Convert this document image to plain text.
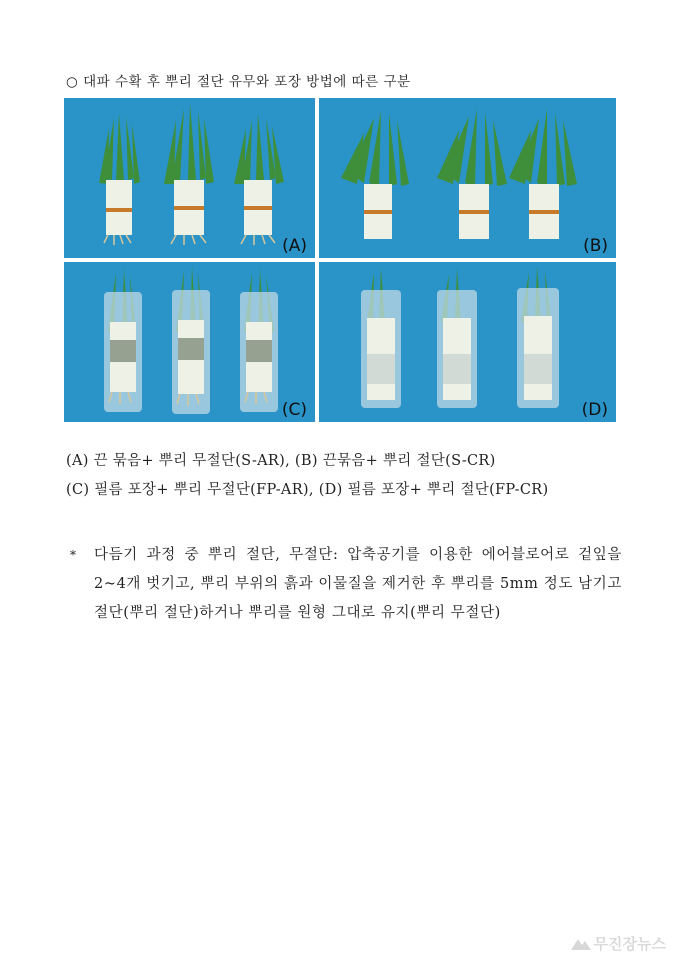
○ 대파 수확 후 뿌리 절단 유무와 포장 방법에 따른 구분
(A)	(B)
(C)	(D)
(A) 끈 묶음+ 뿌리 무절단(S-AR), (B) 끈묶음+ 뿌리 절단(S-CR)
(C) 필름 포장+ 뿌리 무절단(FP-AR), (D) 필름 포장+ 뿌리 절단(FP-CR)
* 다듬기 과정 중 뿌리 절단, 무절단: 압축공기를 이용한 에어블로어로 겉잎을 2~4개 벗기고, 뿌리 부위의 흙과 이물질을 제거한 후 뿌리를 5mm 정도 남기고 절단(뿌리 절단)하거나 뿌리를 원형 그대로 유지(뿌리 무절단)
무진장뉴스
